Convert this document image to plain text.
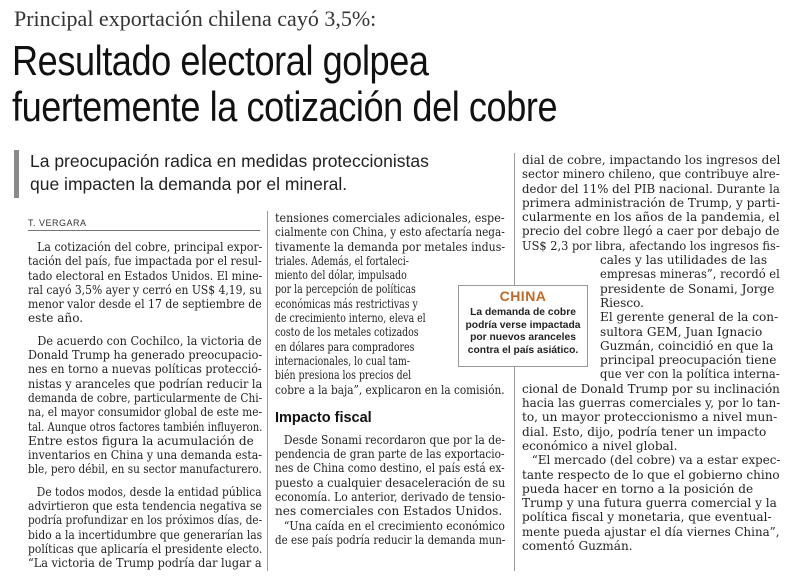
Principal exportación chilena cayó 3,5%:
Resultado electoral golpea
fuertemente la cotización del cobre
La preocupación radica en medidas proteccionistas
que impacten la demanda por el mineral.
T. VERGARA
La cotización del cobre, principal expor-
tación del país, fue impactada por el resul-
tado electoral en Estados Unidos. El mine-
ral cayó 3,5% ayer y cerró en US$ 4,19, su
menor valor desde el 17 de septiembre de
este año.
De acuerdo con Cochilco, la victoria de
Donald Trump ha generado preocupacio-
nes en torno a nuevas políticas protecció-
nistas y aranceles que podrían reducir la
demanda de cobre, particularmente de Chi-
na, el mayor consumidor global de este me-
tal. Aunque otros factores también influyeron.
Entre estos figura la acumulación de
inventarios en China y una demanda esta-
ble, pero débil, en su sector manufacturero.
De todos modos, desde la entidad pública
advirtieron que esta tendencia negativa se
podría profundizar en los próximos días, de-
bido a la incertidumbre que generarían las
políticas que aplicaría el presidente electo.
“La victoria de Trump podría dar lugar a
tensiones comerciales adicionales, espe-
cialmente con China, y esto afectaría nega-
tivamente la demanda por metales indus-
triales. Además, el fortaleci-
miento del dólar, impulsado
por la percepción de políticas
económicas más restrictivas y
de crecimiento interno, eleva el
costo de los metales cotizados
en dólares para compradores
internacionales, lo cual tam-
bién presiona los precios del
cobre a la baja”, explicaron en la comisión.
Impacto fiscal
Desde Sonami recordaron que por la de-
pendencia de gran parte de las exportacio-
nes de China como destino, el país está ex-
puesto a cualquier desaceleración de su
economía. Lo anterior, derivado de tensio-
nes comerciales con Estados Unidos.
“Una caída en el crecimiento económico
de ese país podría reducir la demanda mun-
dial de cobre, impactando los ingresos del
sector minero chileno, que contribuye alre-
dedor del 11% del PIB nacional. Durante la
primera administración de Trump, y parti-
cularmente en los años de la pandemia, el
precio del cobre llegó a caer por debajo de
US$ 2,3 por libra, afectando los ingresos fis-
cales y las utilidades de las
empresas mineras”, recordó el
presidente de Sonami, Jorge
Riesco.
El gerente general de la con-
sultora GEM, Juan Ignacio
Guzmán, coincidió en que la
principal preocupación tiene
que ver con la política interna-
cional de Donald Trump por su inclinación
hacia las guerras comerciales y, por lo tan-
to, un mayor proteccionismo a nivel mun-
dial. Esto, dijo, podría tener un impacto
económico a nivel global.
“El mercado (del cobre) va a estar expec-
tante respecto de lo que el gobierno chino
pueda hacer en torno a la posición de
Trump y una futura guerra comercial y la
política fiscal y monetaria, que eventual-
mente pueda ajustar el día viernes China”,
comentó Guzmán.
CHINA
La demanda de cobre
podría verse impactada
por nuevos aranceles
contra el país asiático.
